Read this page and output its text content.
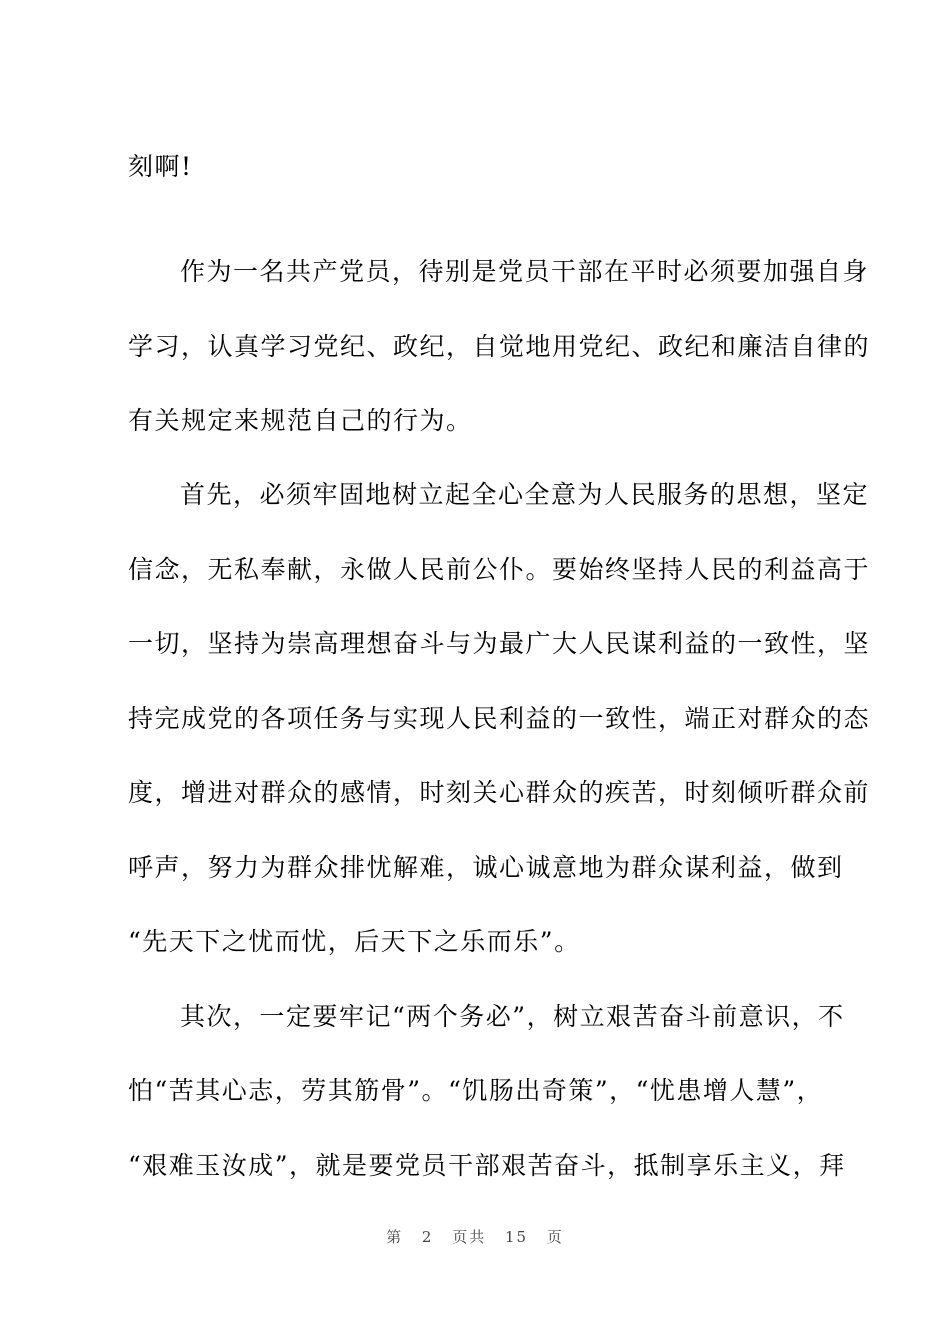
刻啊!
作为一名共产党员，待别是党员干部在平时必须要加强自身
学习，认真学习党纪、政纪，自觉地用党纪、政纪和廉洁自律的
有关规定来规范自己的行为。
首先，必须牢固地树立起全心全意为人民服务的思想，坚定
信念，无私奉献，永做人民前公仆。要始终坚持人民的利益高于
一切，坚持为崇高理想奋斗与为最广大人民谋利益的一致性，坚
持完成党的各项任务与实现人民利益的一致性，端正对群众的态
度，增进对群众的感情，时刻关心群众的疾苦，时刻倾听群众前
呼声，努力为群众排忧解难，诚心诚意地为群众谋利益，做到
“先天下之忧而忧，后天下之乐而乐”。
其次，一定要牢记“两个务必”，树立艰苦奋斗前意识，不
怕“苦其心志，劳其筋骨”。“饥肠出奇策”，“忧患增人慧”，
“艰难玉汝成”，就是要党员干部艰苦奋斗，抵制享乐主义，拜
第 2 页共 15 页
